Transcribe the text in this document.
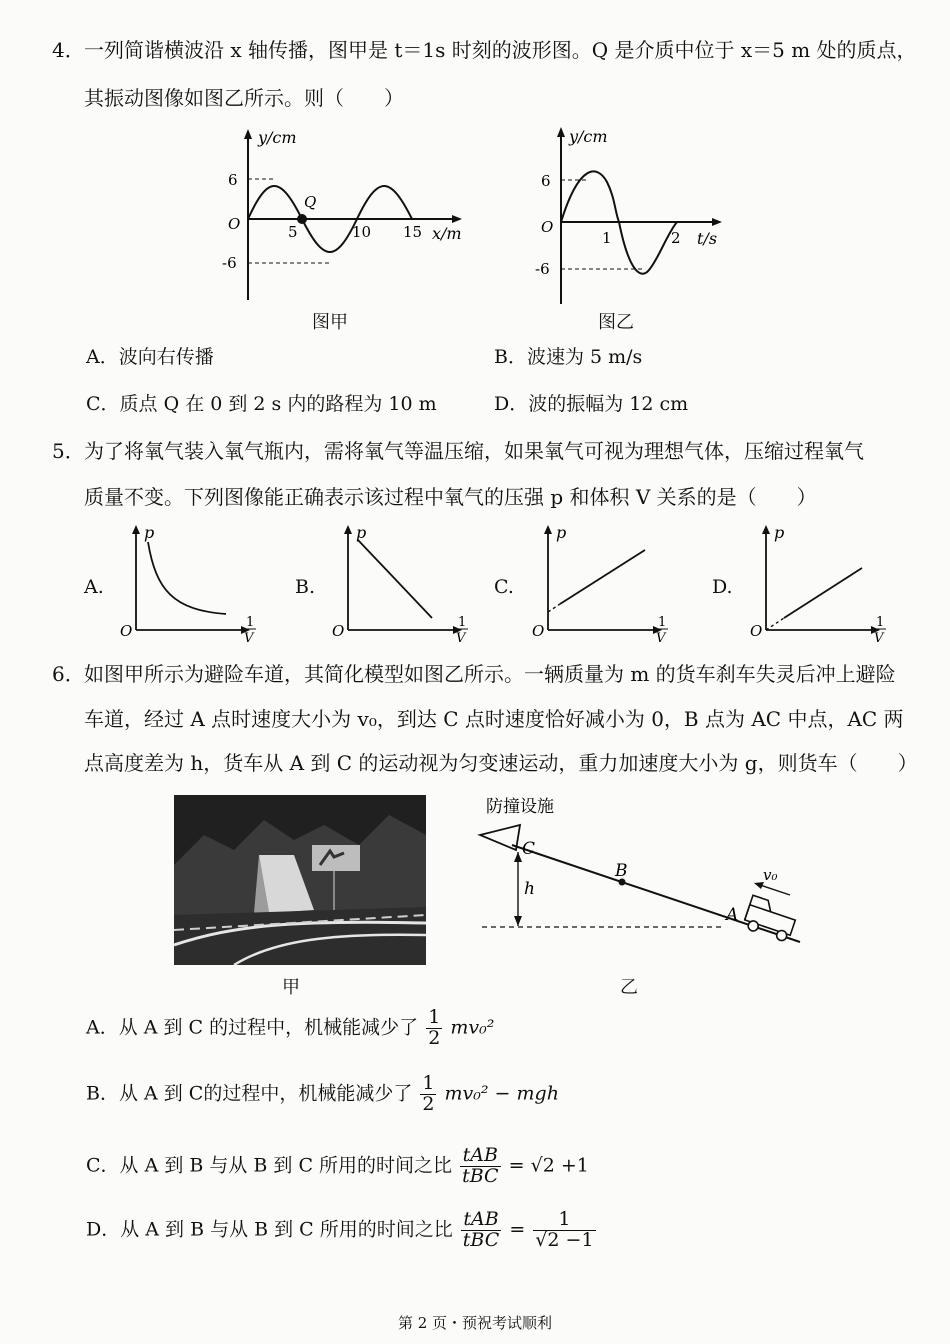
4． 一列简谐横波沿 x 轴传播，图甲是 t＝1s 时刻的波形图。Q 是介质中位于 x＝5 m 处的质点，
其振动图像如图乙所示。则（　　）
y/cm
6
-6
O
Q
5	10 15 x/m
图甲
y/cm
6
-6
O
1	2 t/s
图乙
A．波向右传播	B．波速为 5 m/s
C．质点 Q 在 0 到 2 s 内的路程为 10 m	D．波的振幅为 12 cm
5． 为了将氧气装入氧气瓶内，需将氧气等温压缩，如果氧气可视为理想气体，压缩过程氧气
质量不变。下列图像能正确表示该过程中氧气的压强 p 和体积 V 关系的是（　　）
A.
p
O	1
V
B.
p
O	1
V
C.
p
O	1
V
D.
p
O	1
V
6． 如图甲所示为避险车道，其简化模型如图乙所示。一辆质量为 m 的货车刹车失灵后冲上避险
车道，经过 A 点时速度大小为 v₀，到达 C 点时速度恰好减小为 0，B 点为 AC 中点，AC 两
点高度差为 h，货车从 A 到 C 的运动视为匀变速运动，重力加速度大小为 g，则货车（　　）
甲
C
B
A
h
v₀
防撞设施
乙
A．从 A 到 C 的过程中，机械能减少了 $\frac{1}{2} mv_0^2$
B．从 A 到 C的过程中，机械能减少了 $\frac{1}{2} mv_0^2$ − mgh
C．从 A 到 B 与从 B 到 C 所用的时间之比 $\frac{\text{tAB}}{\text{tBC}} = √2 +1$
D．从 A 到 B 与从 B 到 C 所用的时间之比 $\frac{\text{tAB}}{\text{tBC}} = \frac{1}{√2 -1}$
第 2 页・预祝考试顺利
